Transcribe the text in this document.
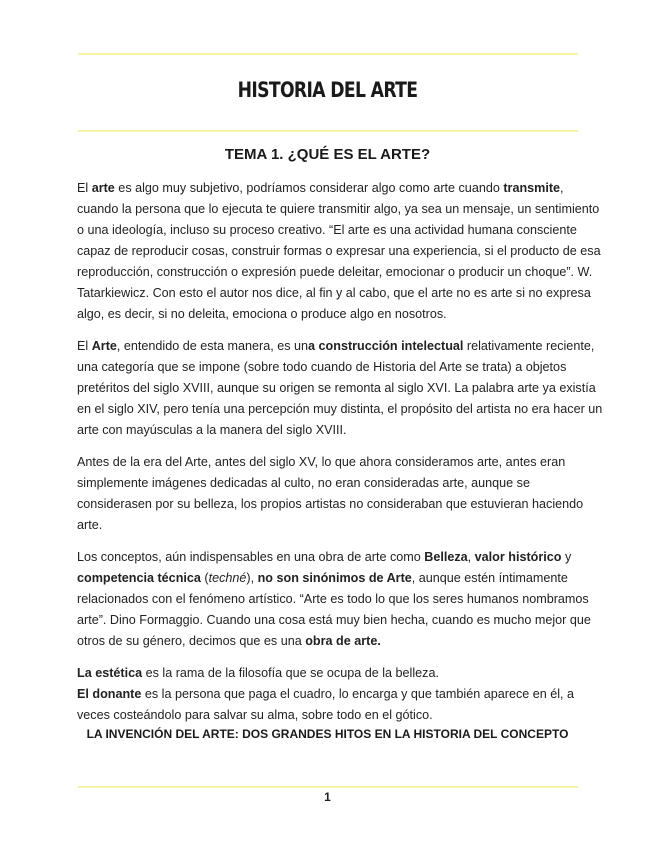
HISTORIA DEL ARTE
TEMA 1. ¿QUÉ ES EL ARTE?

El arte es algo muy subjetivo, podríamos considerar algo como arte cuando transmite, cuando la persona que lo ejecuta te quiere transmitir algo, ya sea un mensaje, un sentimiento o una ideología, incluso su proceso creativo. “El arte es una actividad humana consciente capaz de reproducir cosas, construir formas o expresar una experiencia, si el producto de esa reproducción, construcción o expresión puede deleitar, emocionar o producir un choque”. W. Tatarkiewicz. Con esto el autor nos dice, al fin y al cabo, que el arte no es arte si no expresa algo, es decir, si no deleita, emociona o produce algo en nosotros.

El Arte, entendido de esta manera, es una construcción intelectual relativamente reciente, una categoría que se impone (sobre todo cuando de Historia del Arte se trata) a objetos pretéritos del siglo XVIII, aunque su origen se remonta al siglo XVI. La palabra arte ya existía en el siglo XIV, pero tenía una percepción muy distinta, el propósito del artista no era hacer un arte con mayúsculas a la manera del siglo XVIII.

Antes de la era del Arte, antes del siglo XV, lo que ahora consideramos arte, antes eran simplemente imágenes dedicadas al culto, no eran consideradas arte, aunque se considerasen por su belleza, los propios artistas no consideraban que estuvieran haciendo arte.

Los conceptos, aún indispensables en una obra de arte como Belleza, valor histórico y competencia técnica (techné), no son sinónimos de Arte, aunque estén íntimamente relacionados con el fenómeno artístico. “Arte es todo lo que los seres humanos nombramos arte”. Dino Formaggio. Cuando una cosa está muy bien hecha, cuando es mucho mejor que otros de su género, decimos que es una obra de arte.

La estética es la rama de la filosofía que se ocupa de la belleza.

El donante es la persona que paga el cuadro, lo encarga y que también aparece en él, a veces costeándolo para salvar su alma, sobre todo en el gótico.

LA INVENCIÓN DEL ARTE: DOS GRANDES HITOS EN LA HISTORIA DEL CONCEPTO
1
